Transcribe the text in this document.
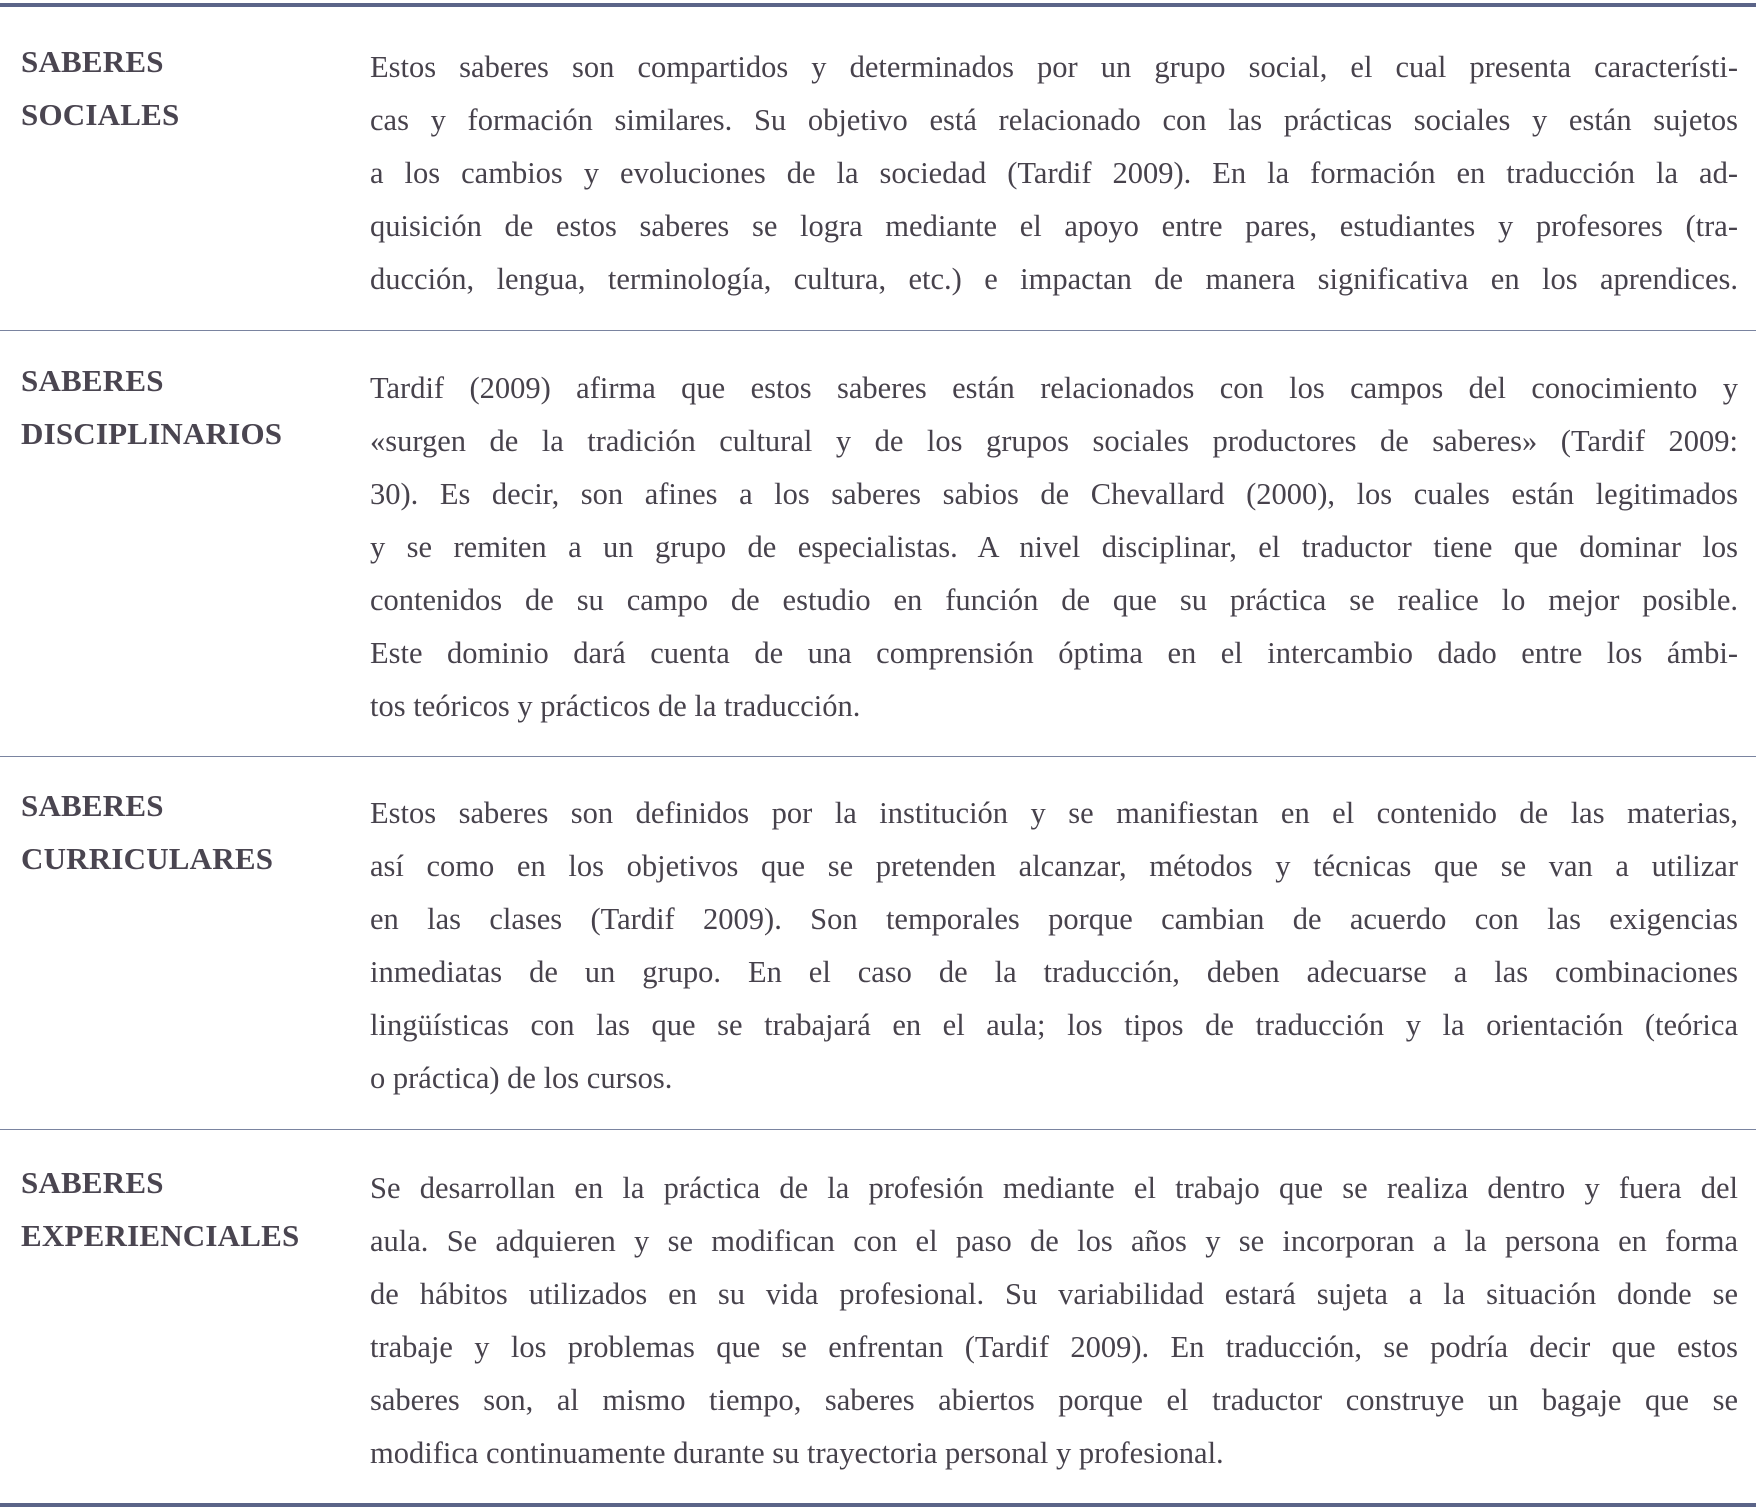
SABERES
SOCIALES
Estos saberes son compartidos y determinados por un grupo social, el cual presenta característi-
cas y formación similares. Su objetivo está relacionado con las prácticas sociales y están sujetos
a los cambios y evoluciones de la sociedad (Tardif 2009). En la formación en traducción la ad-
quisición de estos saberes se logra mediante el apoyo entre pares, estudiantes y profesores (tra-
ducción, lengua, terminología, cultura, etc.) e impactan de manera significativa en los aprendices.
SABERES
DISCIPLINARIOS
Tardif (2009) afirma que estos saberes están relacionados con los campos del conocimiento y
«surgen de la tradición cultural y de los grupos sociales productores de saberes» (Tardif 2009:
30). Es decir, son afines a los saberes sabios de Chevallard (2000), los cuales están legitimados
y se remiten a un grupo de especialistas. A nivel disciplinar, el traductor tiene que dominar los
contenidos de su campo de estudio en función de que su práctica se realice lo mejor posible.
Este dominio dará cuenta de una comprensión óptima en el intercambio dado entre los ámbi-
tos teóricos y prácticos de la traducción.
SABERES
CURRICULARES
Estos saberes son definidos por la institución y se manifiestan en el contenido de las materias,
así como en los objetivos que se pretenden alcanzar, métodos y técnicas que se van a utilizar
en las clases (Tardif 2009). Son temporales porque cambian de acuerdo con las exigencias
inmediatas de un grupo. En el caso de la traducción, deben adecuarse a las combinaciones
lingüísticas con las que se trabajará en el aula; los tipos de traducción y la orientación (teórica
o práctica) de los cursos.
SABERES
EXPERIENCIALES
Se desarrollan en la práctica de la profesión mediante el trabajo que se realiza dentro y fuera del
aula. Se adquieren y se modifican con el paso de los años y se incorporan a la persona en forma
de hábitos utilizados en su vida profesional. Su variabilidad estará sujeta a la situación donde se
trabaje y los problemas que se enfrentan (Tardif 2009). En traducción, se podría decir que estos
saberes son, al mismo tiempo, saberes abiertos porque el traductor construye un bagaje que se
modifica continuamente durante su trayectoria personal y profesional.
